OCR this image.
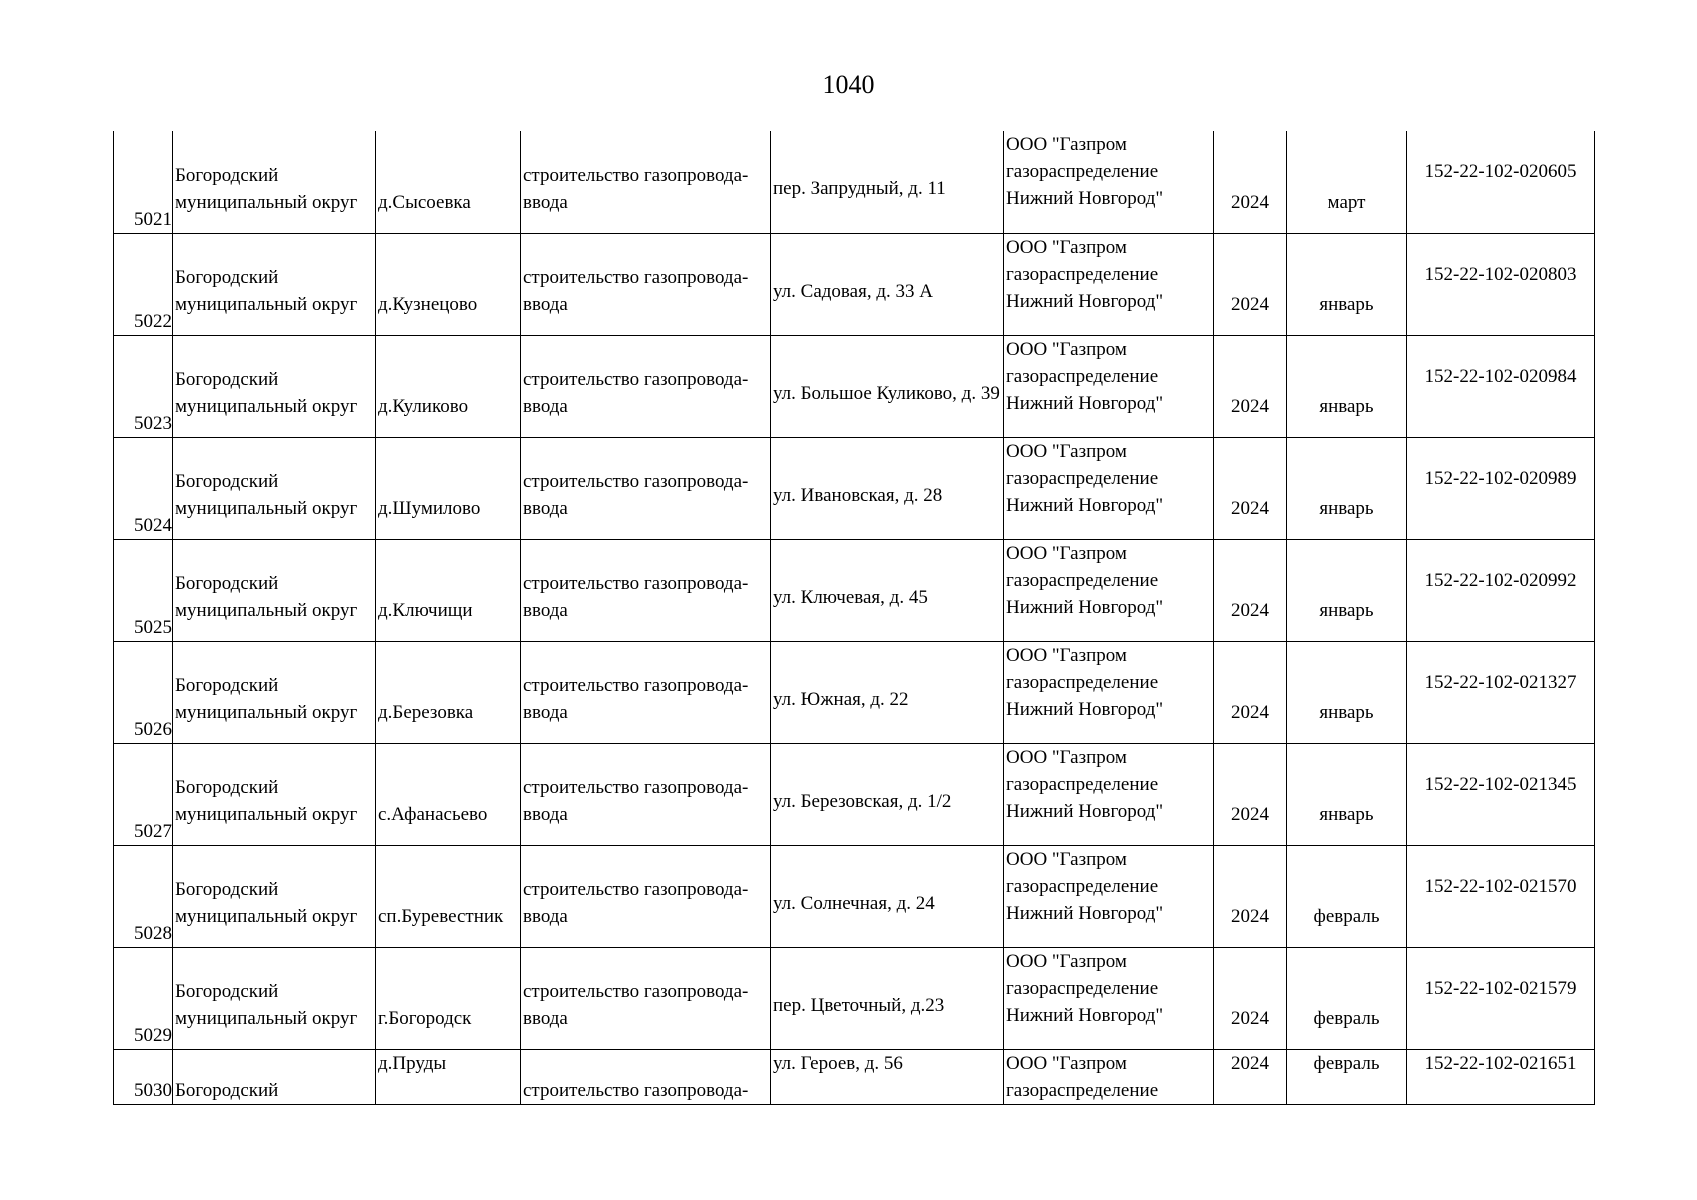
1040
5021	Богородский муниципальный округ	д.Сысоевка	строительство газопровода-ввода	пер. Запрудный, д. 11	ООО "Газпром газораспределение Нижний Новгород"	2024	март	152-22-102-020605
5022	Богородский муниципальный округ	д.Кузнецово	строительство газопровода-ввода	ул. Садовая, д. 33 А	ООО "Газпром газораспределение Нижний Новгород"	2024	январь	152-22-102-020803
5023	Богородский муниципальный округ	д.Куликово	строительство газопровода-ввода	ул. Большое Куликово, д. 39	ООО "Газпром газораспределение Нижний Новгород"	2024	январь	152-22-102-020984
5024	Богородский муниципальный округ	д.Шумилово	строительство газопровода-ввода	ул. Ивановская, д. 28	ООО "Газпром газораспределение Нижний Новгород"	2024	январь	152-22-102-020989
5025	Богородский муниципальный округ	д.Ключищи	строительство газопровода-ввода	ул. Ключевая, д. 45	ООО "Газпром газораспределение Нижний Новгород"	2024	январь	152-22-102-020992
5026	Богородский муниципальный округ	д.Березовка	строительство газопровода-ввода	ул. Южная, д. 22	ООО "Газпром газораспределение Нижний Новгород"	2024	январь	152-22-102-021327
5027	Богородский муниципальный округ	с.Афанасьево	строительство газопровода-ввода	ул. Березовская, д. 1/2	ООО "Газпром газораспределение Нижний Новгород"	2024	январь	152-22-102-021345
5028	Богородский муниципальный округ	сп.Буревестник	строительство газопровода-ввода	ул. Солнечная, д. 24	ООО "Газпром газораспределение Нижний Новгород"	2024	февраль	152-22-102-021570
5029	Богородский муниципальный округ	г.Богородск	строительство газопровода-ввода	пер. Цветочный, д.23	ООО "Газпром газораспределение Нижний Новгород"	2024	февраль	152-22-102-021579
5030	Богородский	д.Пруды	строительство газопровода-	ул. Героев, д. 56	ООО "Газпром газораспределение	2024	февраль	152-22-102-021651
